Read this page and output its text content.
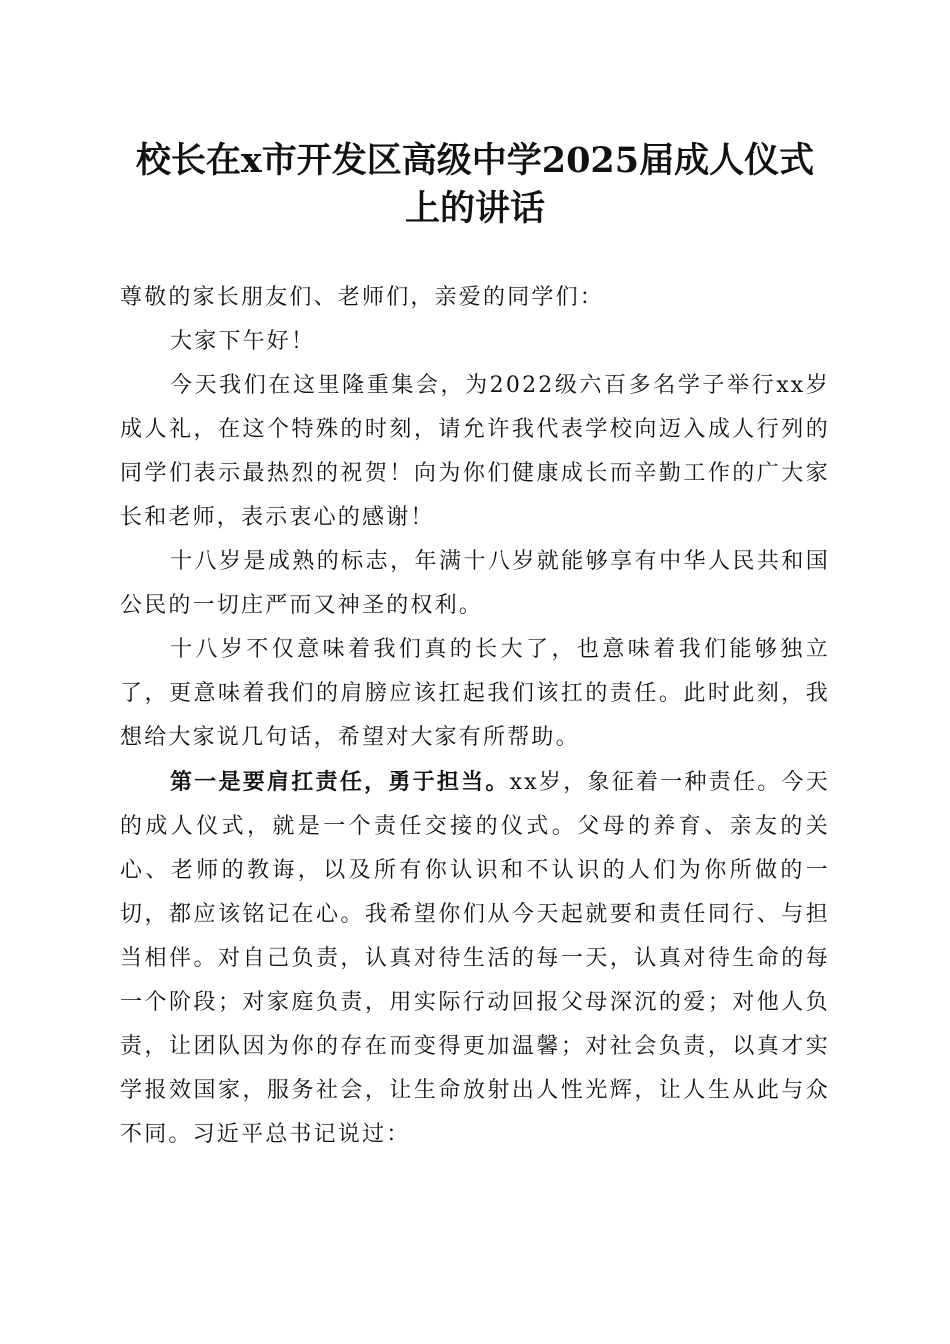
校长在x市开发区高级中学2025届成人仪式
上的讲话

尊敬的家长朋友们、老师们，亲爱的同学们：

大家下午好！

今天我们在这里隆重集会，为2022级六百多名学子举行xx岁成人礼，在这个特殊的时刻，请允许我代表学校向迈入成人行列的同学们表示最热烈的祝贺！向为你们健康成长而辛勤工作的广大家长和老师，表示衷心的感谢！

十八岁是成熟的标志，年满十八岁就能够享有中华人民共和国公民的一切庄严而又神圣的权利。

十八岁不仅意味着我们真的长大了，也意味着我们能够独立了，更意味着我们的肩膀应该扛起我们该扛的责任。此时此刻，我想给大家说几句话，希望对大家有所帮助。

第一是要肩扛责任，勇于担当。xx岁，象征着一种责任。今天的成人仪式，就是一个责任交接的仪式。父母的养育、亲友的关心、老师的教诲，以及所有你认识和不认识的人们为你所做的一切，都应该铭记在心。我希望你们从今天起就要和责任同行、与担当相伴。对自己负责，认真对待生活的每一天，认真对待生命的每一个阶段；对家庭负责，用实际行动回报父母深沉的爱；对他人负责，让团队因为你的存在而变得更加温馨；对社会负责，以真才实学报效国家，服务社会，让生命放射出人性光辉，让人生从此与众不同。习近平总书记说过：
